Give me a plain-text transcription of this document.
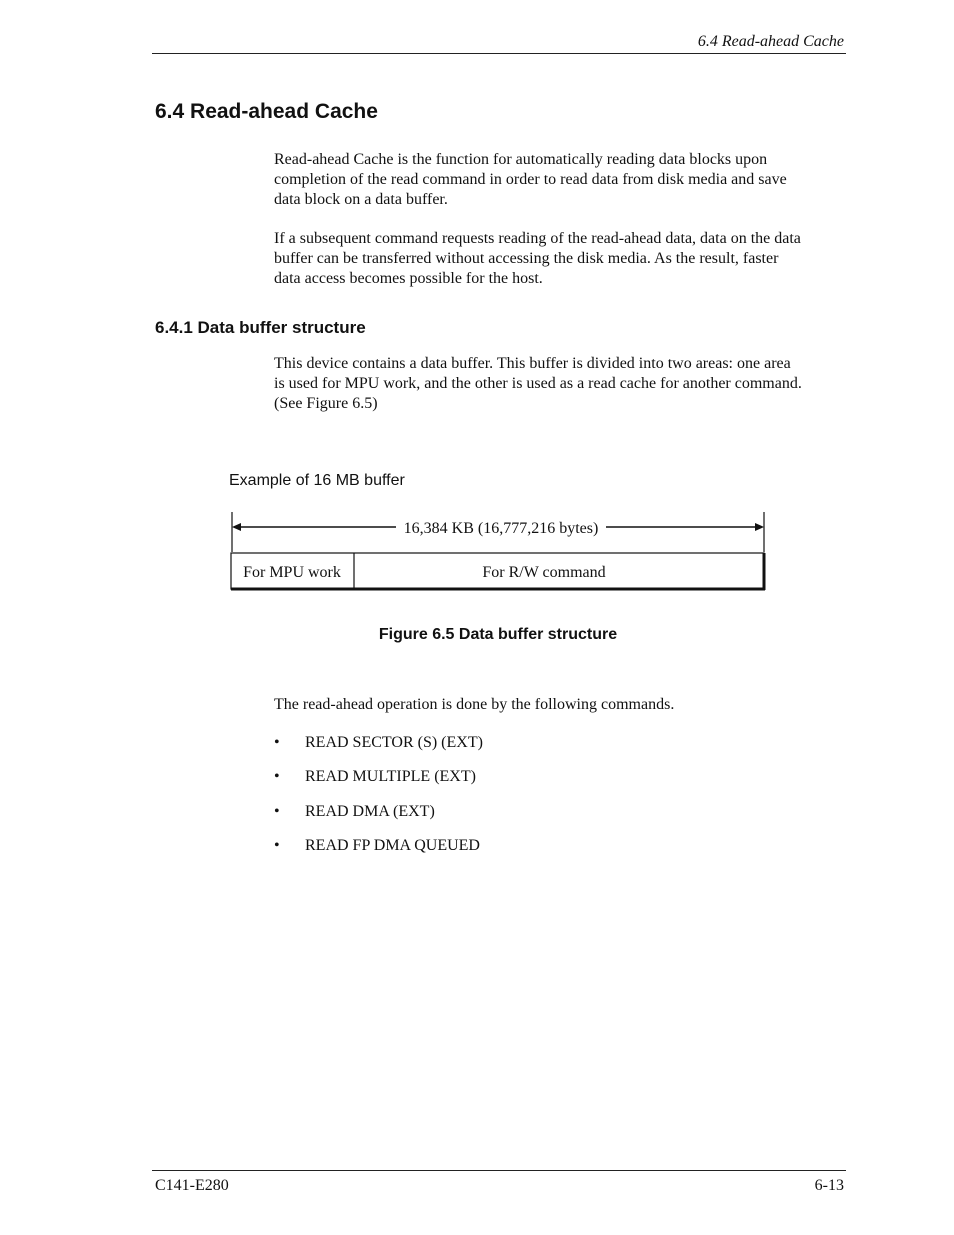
6.4 Read-ahead Cache
6.4 Read-ahead Cache

Read-ahead Cache is the function for automatically reading data blocks upon
completion of the read command in order to read data from disk media and save
data block on a data buffer.

If a subsequent command requests reading of the read-ahead data, data on the data
buffer can be transferred without accessing the disk media. As the result, faster
data access becomes possible for the host.

6.4.1 Data buffer structure

This device contains a data buffer. This buffer is divided into two areas: one area
is used for MPU work, and the other is used as a read cache for another command.
(See Figure 6.5)

Example of 16 MB buffer
16,384 KB (16,777,216 bytes)
For MPU work	For R/W command
Figure 6.5 Data buffer structure

The read-ahead operation is done by the following commands.

• READ SECTOR (S) (EXT)
• READ MULTIPLE (EXT)
• READ DMA (EXT)
• READ FP DMA QUEUED
C141-E280	6-13
